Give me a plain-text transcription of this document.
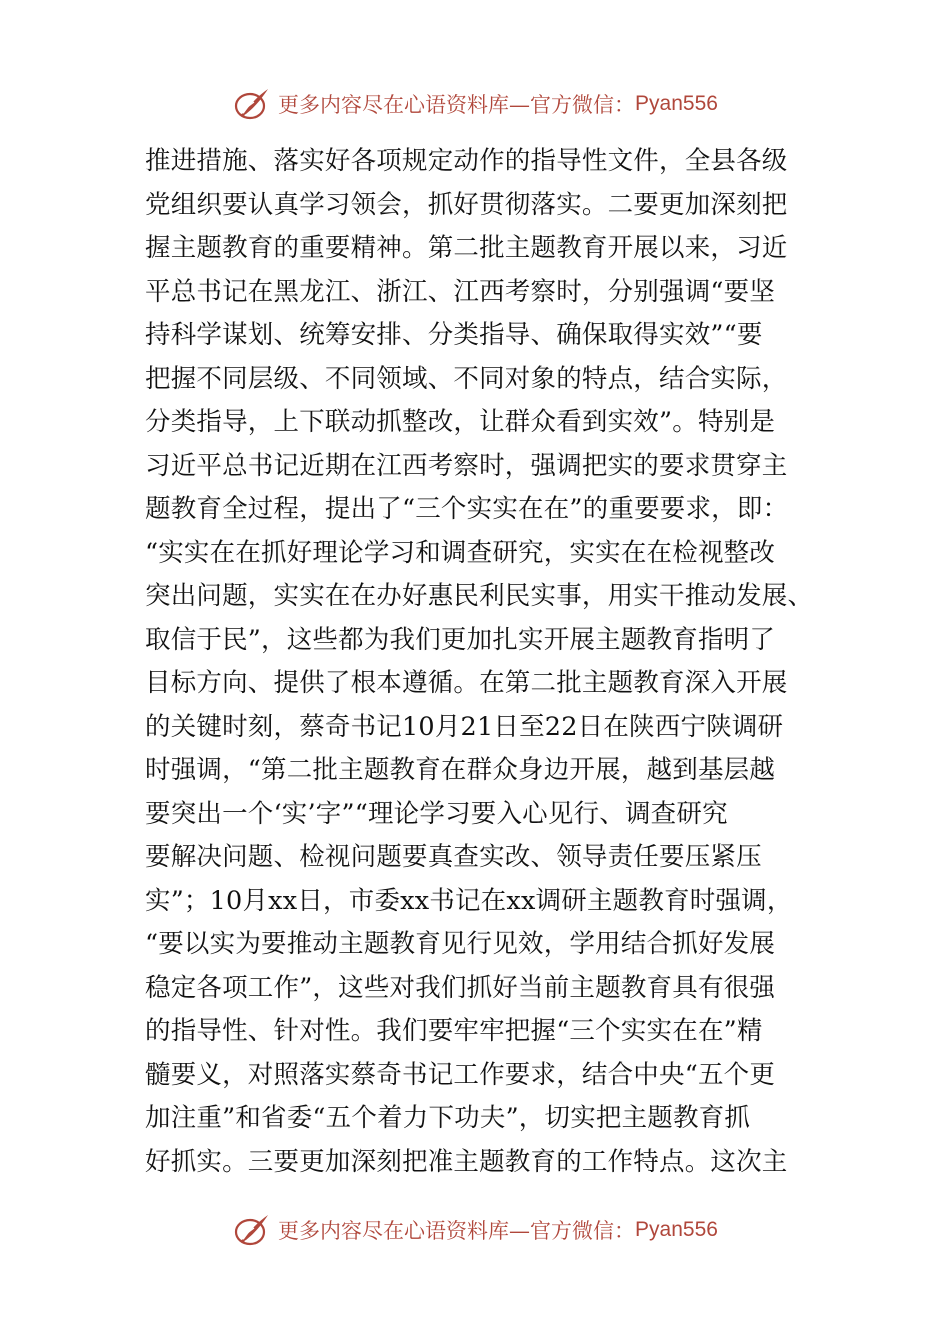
更多内容尽在心语资料库—官方微信： Pyan556
推进措施、落实好各项规定动作的指导性文件，全县各级
党组织要认真学习领会，抓好贯彻落实。二要更加深刻把
握主题教育的重要精神。第二批主题教育开展以来，习近
平总书记在黑龙江、浙江、江西考察时，分别强调“要坚
持科学谋划、统筹安排、分类指导、确保取得实效”“要
把握不同层级、不同领域、不同对象的特点，结合实际，
分类指导，上下联动抓整改，让群众看到实效”。特别是
习近平总书记近期在江西考察时，强调把实的要求贯穿主
题教育全过程，提出了“三个实实在在”的重要要求，即：
“实实在在抓好理论学习和调查研究，实实在在检视整改
突出问题，实实在在办好惠民利民实事，用实干推动发展、
取信于民”，这些都为我们更加扎实开展主题教育指明了
目标方向、提供了根本遵循。在第二批主题教育深入开展
的关键时刻，蔡奇书记10月21日至22日在陕西宁陕调研
时强调，“第二批主题教育在群众身边开展，越到基层越
要突出一个‘实’字”“理论学习要入心见行、调查研究
要解决问题、检视问题要真查实改、领导责任要压紧压
实”；10月xx日，市委xx书记在xx调研主题教育时强调，
“要以实为要推动主题教育见行见效，学用结合抓好发展
稳定各项工作”，这些对我们抓好当前主题教育具有很强
的指导性、针对性。我们要牢牢把握“三个实实在在”精
髓要义，对照落实蔡奇书记工作要求，结合中央“五个更
加注重”和省委“五个着力下功夫”，切实把主题教育抓
好抓实。三要更加深刻把准主题教育的工作特点。这次主
更多内容尽在心语资料库—官方微信： Pyan556
